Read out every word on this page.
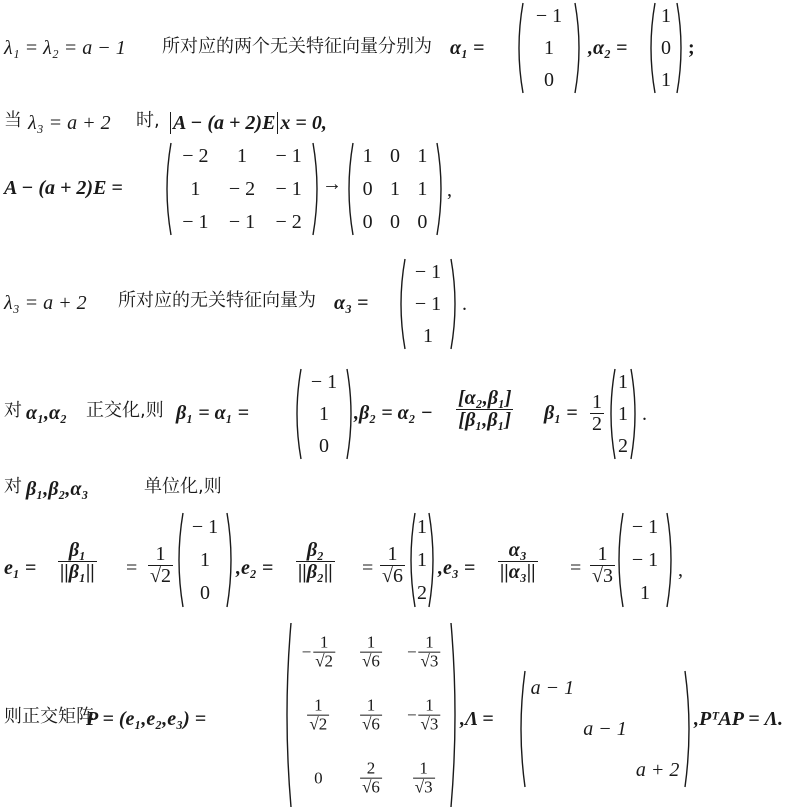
λ₁ = λ₂ = a − 1 所对应的两个无关特征向量分别为 α₁ =
− 1
1
0
,α₂ =
1
0
1
;
当 λ₃ = a + 2 时, A − (a + 2)E x = 0,
A − (a + 2)E =
− 2 1 − 1
1 − 2 − 1
− 1 − 1 − 2
→
1 0 1
0 1 1
0 0 0
,
λ₃ = a + 2 所对应的无关特征向量为 α₃ =
− 1
− 1
1
.
对 α₁,α₂ 正交化,则 β₁ = α₁ =
− 1
1
0
$,\beta_2 = \alpha_2 - \frac{\text{[α₂,β₁]}}{\text{[β₁,β₁]}} \beta_1 = \frac{1}{2}$
1
1
2
.
对 β₁,β₂,α₃	单位化,则
$e_1 = \frac{\text{β₁}}{\text{||β₁||}} = \frac{1}{√2}$
− 1
1
0
$,e_2 = \frac{\text{β₂}}{\text{||β₂||}} = \frac{1}{√6}$
1
1
2
$,e_3 = \frac{\text{α₃}}{\text{||α₃||}} = \frac{1}{√3}$
− 1
− 1
1
,
则正交矩阵
P = (e₁,e₂,e₃) =
− $\frac{1}{√2} \frac{1}{√6} - \frac{1}{√3}$
$\frac{1}{√2} \frac{1}{√6} - \frac{1}{√3}$
$0 \frac{2}{√6} \frac{1}{√3}$
,Λ =
a − 1
a − 1
a + 2
,PᵀAP = Λ.
